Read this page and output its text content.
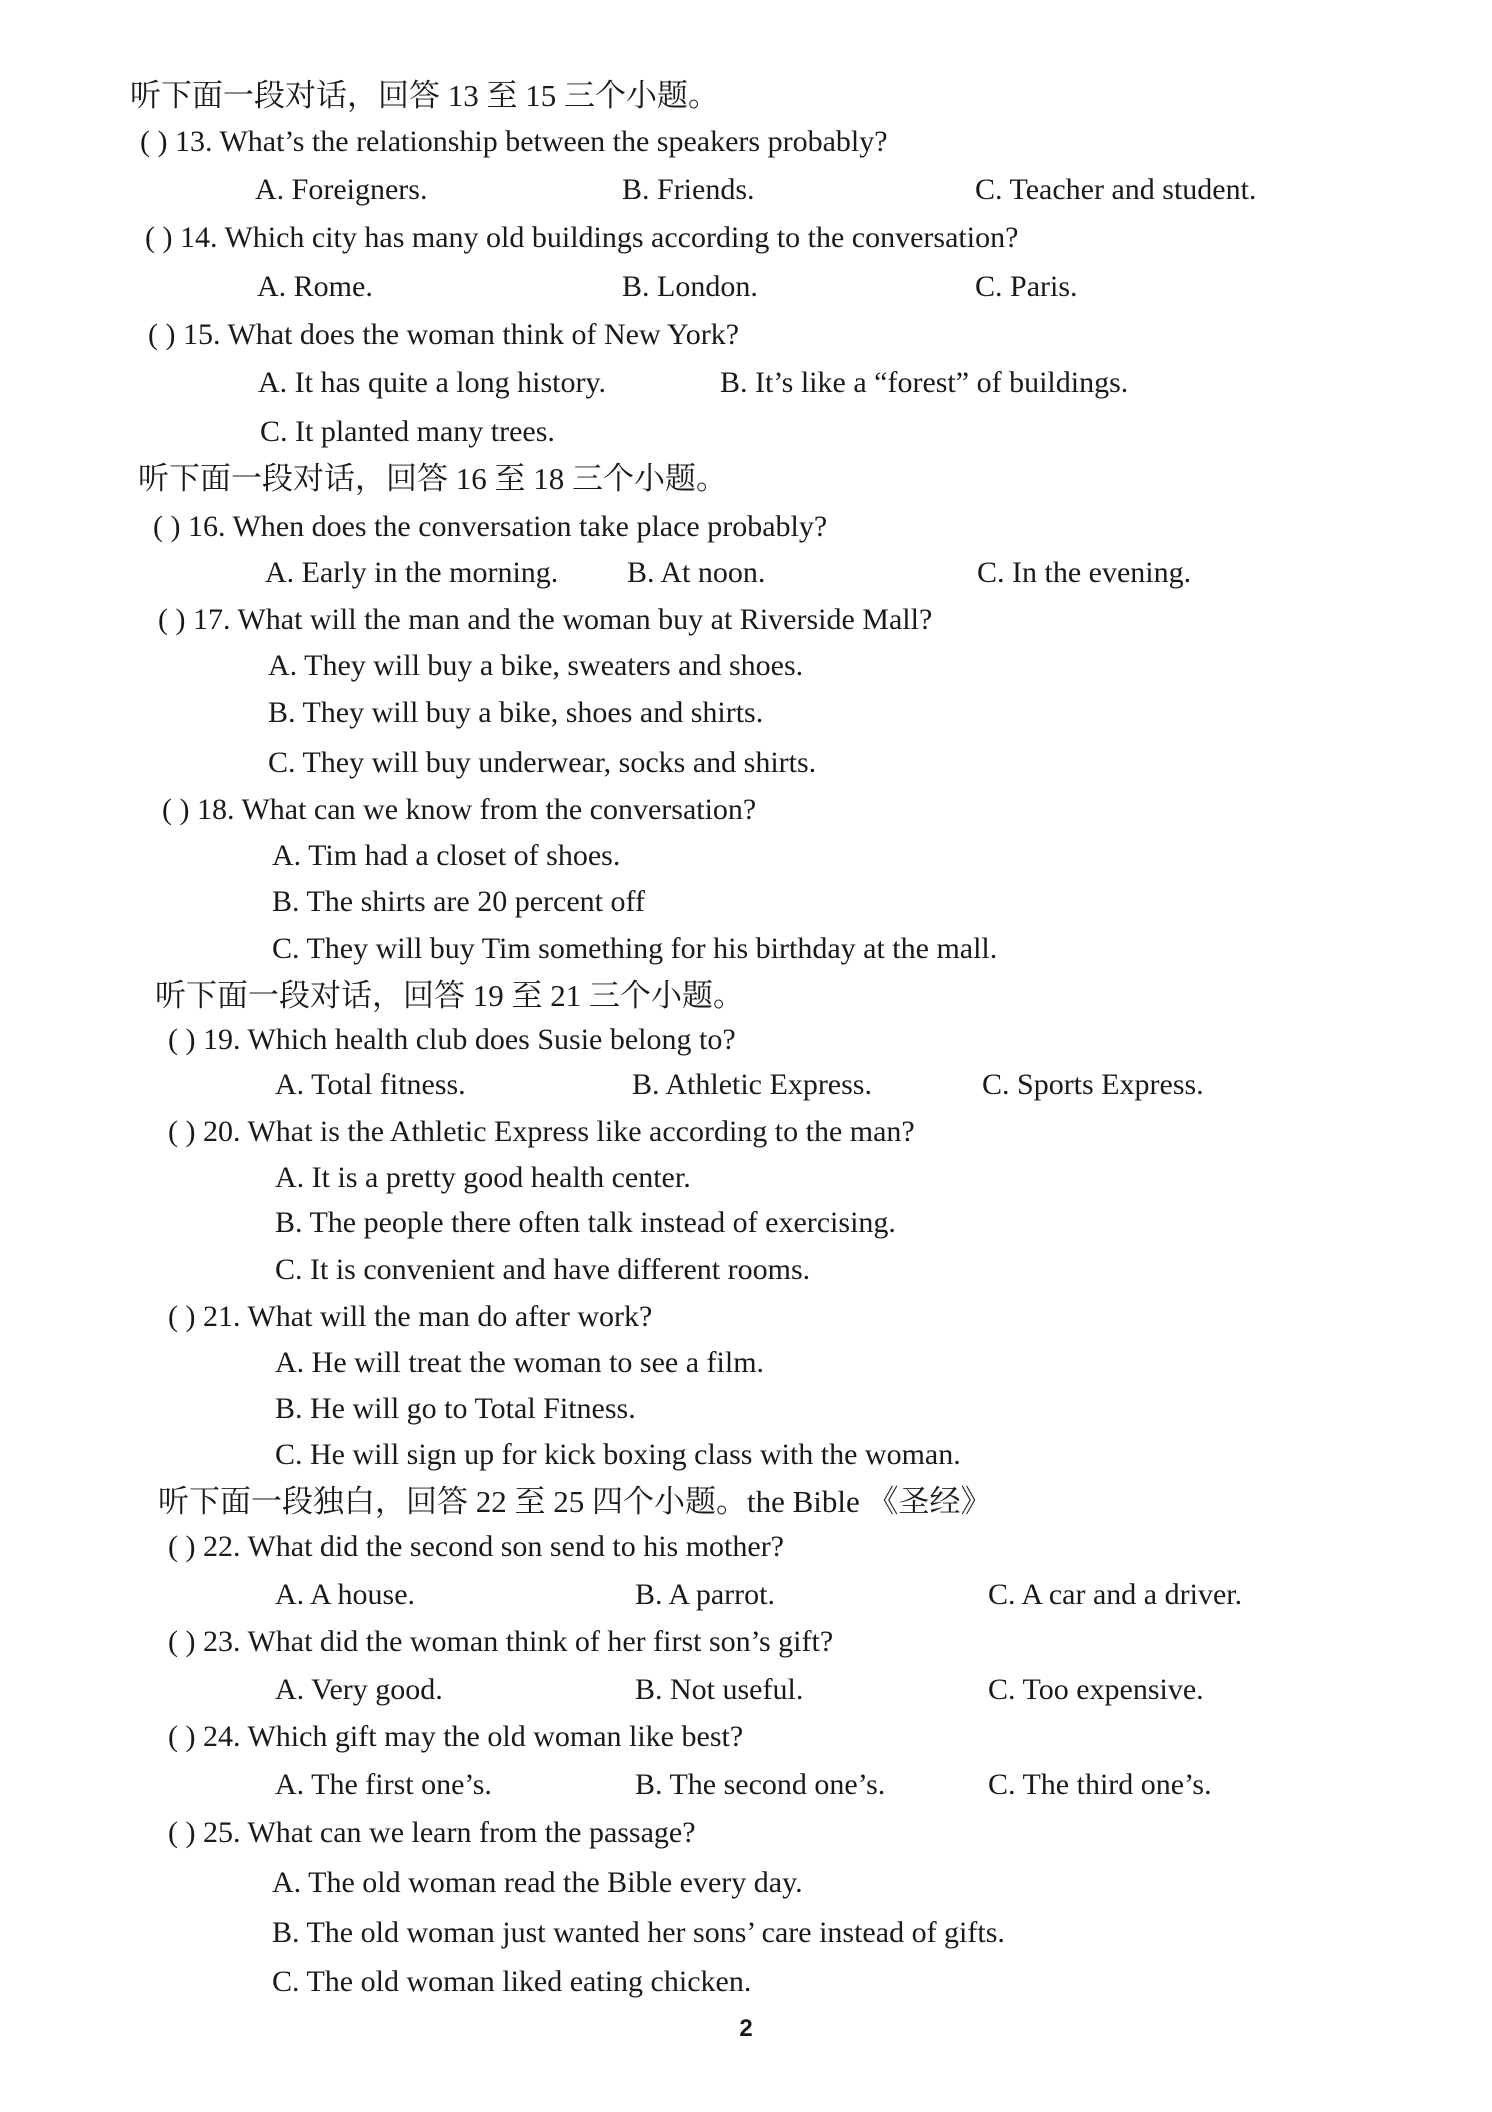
听下面一段对话，回答 13 至 15 三个小题。
( ) 13. What’s the relationship between the speakers probably?
A. Foreigners.	B. Friends.	C. Teacher and student.
( ) 14. Which city has many old buildings according to the conversation?
A. Rome.	B. London.	C. Paris.
( ) 15. What does the woman think of New York?
A. It has quite a long history.	B. It’s like a “forest” of buildings.
C. It planted many trees.
听下面一段对话，回答 16 至 18 三个小题。
( ) 16. When does the conversation take place probably?
A. Early in the morning. B. At noon.	C. In the evening.
( ) 17. What will the man and the woman buy at Riverside Mall?
A. They will buy a bike, sweaters and shoes.
B. They will buy a bike, shoes and shirts.
C. They will buy underwear, socks and shirts.
( ) 18. What can we know from the conversation?
A. Tim had a closet of shoes.
B. The shirts are 20 percent off
C. They will buy Tim something for his birthday at the mall.
听下面一段对话，回答 19 至 21 三个小题。
( ) 19. Which health club does Susie belong to?
A. Total fitness.	B. Athletic Express.	C. Sports Express.
( ) 20. What is the Athletic Express like according to the man?
A. It is a pretty good health center.
B. The people there often talk instead of exercising.
C. It is convenient and have different rooms.
( ) 21. What will the man do after work?
A. He will treat the woman to see a film.
B. He will go to Total Fitness.
C. He will sign up for kick boxing class with the woman.
听下面一段独白，回答 22 至 25 四个小题。the Bible 《圣经》
( ) 22. What did the second son send to his mother?
A. A house.	B. A parrot.	C. A car and a driver.
( ) 23. What did the woman think of her first son’s gift?
A. Very good.	B. Not useful.	C. Too expensive.
( ) 24. Which gift may the old woman like best?
A. The first one’s.	B. The second one’s.	C. The third one’s.
( ) 25. What can we learn from the passage?
A. The old woman read the Bible every day.
B. The old woman just wanted her sons’ care instead of gifts.
C. The old woman liked eating chicken.
2
